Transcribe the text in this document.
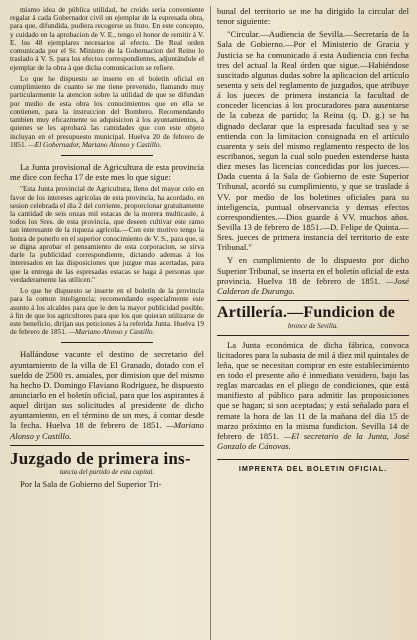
mismo idea de pública utilidad, he creído sería conveniente regalar á cada Gobernador civil un ejemplar de la espresada obra, para que, difundida, pudiera recogerse su fruto. En este concepto, y cuidado en la aprobacion de V. E., tengo el honor de remitir á V. E. los 48 ejemplares necesarios al efecto. De Real orden comunicada por el Sr. Ministro de la Gobernacion del Reino lo traslado á V. S. para los efectos correspondientes, adjuntándole el ejemplar de la obra á que dicha comunicacion se refiere.

Lo que he dispuesto se inserte en el boletín oficial en cumplimiento de cuanto se me tiene prevenido, llamando muy particularmente la atencion sobre la utilidad de que se difundan por medio de esta obra los conocimientos que en ella se contienen, para la instruccion del Bombero. Recomendando tambien muy eficazmente su adquisicion á los ayuntamientos, á quienes se les aprobará las cantidades que con este objeto incluyan en el presupuesto municipal. Huelva 20 de febrero de 1851. —El Gobernador, Mariano Alonso y Castillo.

La Junta provisional de Agricultura de esta provincia me dice con fecha 17 de este mes lo que sigue:

"Esta Junta provincial de Agricultura, lleno del mayor celo en favor de los intereses agrícolas de esta provincia, ha acordado, en sesion celebrada el dia 2 del corriente, proporcionar gratuitamente la cantidad de seis onzas mil estacas de la morera multicaule, á todos los Sres. de esta provincia, que deseen cultivar este ramo tan interesante de la riqueza agrícola.—Con este motivo tengo la honra de ponerlo en el superior conocimiento de V. S., para que, si se digna aprobar el pensamiento de esta corporacion, se sirva darle la publicidad correspondiente, dictando ademas á los interesados en las disposiciones que juzgue mas acertadas, para que la entrega de las espresadas estacas se haga á personas que verdaderamente las utilicen."

Lo que he dispuesto se inserte en el boletín de la provincia para la comun inteligencia; recomendando especialmente este asunto á los alcaldes para que le den la mayor publicidad posible, á fin de que los agricultores para que los que quieran utilizarse de este beneficio, dirijan sus peticiones á la referida Junta. Huelva 19 de febrero de 1851. —Mariano Alonso y Castillo.

Hallándose vacante el destino de secretario del ayuntamiento de la villa de El Granado, dotado con el sueldo de 2500 rs. anuales, por dimision que del mismo ha hecho D. Domingo Flaviano Rodriguez, he dispuesto anunciarlo en el boletín oficial, para que los aspirantes á aquel dirijan sus solicitudes al presidente de dicho ayuntamiento, en el término de un mes, á contar desde la fecha. Huelva 18 de febrero de 1851. —Mariano Alonso y Castillo.

Juzgado de primera ins-

tancia del partido de esta capital.

Por la Sala de Gobierno del Superior Tri-

bunal del territorio se me ha dirigido la circular del tenor siguiente:

"Circular.—Audiencia de Sevilla.—Secretaría de la Sala de Gobierno.—Por el Ministerio de Gracia y Justicia se ha comunicado á esta Audiencia con fecha tres del actual la Real órden que sigue.—Habiéndose suscitado algunas dudas sobre la aplicacion del artículo sesenta y seis del reglamento de juzgados, que atribuye á los jueces de primera instancia la facultad de conceder licencias á los procuradores para ausentarse de la cabeza de partido; la Reina (q. D. g.) se ha dignado declarar que la espresada facultad sea y se entienda con la limitacion consignada en el artículo cuarenta y seis del mismo reglamento respecto de los escribanos, segun la cual solo pueden estenderse hasta diez meses las licencias concedidas por los jueces.—Dada cuenta á la Sala de Gobierno de este Superior Tribunal, acordó su cumplimiento, y que se traslade á VV. por medio de los boletines oficiales para su inteligencia, puntual observancia y demas efectos correspondientes.—Dios guarde á VV. muchos años. Sevilla 13 de febrero de 1851.—D. Felipe de Quinta.—Sres. jueces de primera instancia del territorio de este Tribunal."

Y en cumplimiento de lo dispuesto por dicho Superior Tribunal, se inserta en el boletín oficial de esta provincia. Huelva 18 de febrero de 1851. —José Calderon de Durango.

Artillería.—Fundicion de

bronce de Sevilla.

La Junta económica de dicha fábrica, convoca licitadores para la subasta de mil á diez mil quintales de leña, que se necesitan comprar en este establecimiento en todo el presente año é inmediato venidero, bajo las reglas marcadas en el pliego de condiciones, que está manifiesto al público para admitir las proposiciones que se hagan; si son aceptadas; y está señalado para el remate la hora de las 11 de la mañana del día 15 de marzo próximo en la misma fundicion. Sevilla 14 de febrero de 1851. —El secretario de la Junta, José Gonzalo de Cánovas.

IMPRENTA DEL BOLETIN OFICIAL.
